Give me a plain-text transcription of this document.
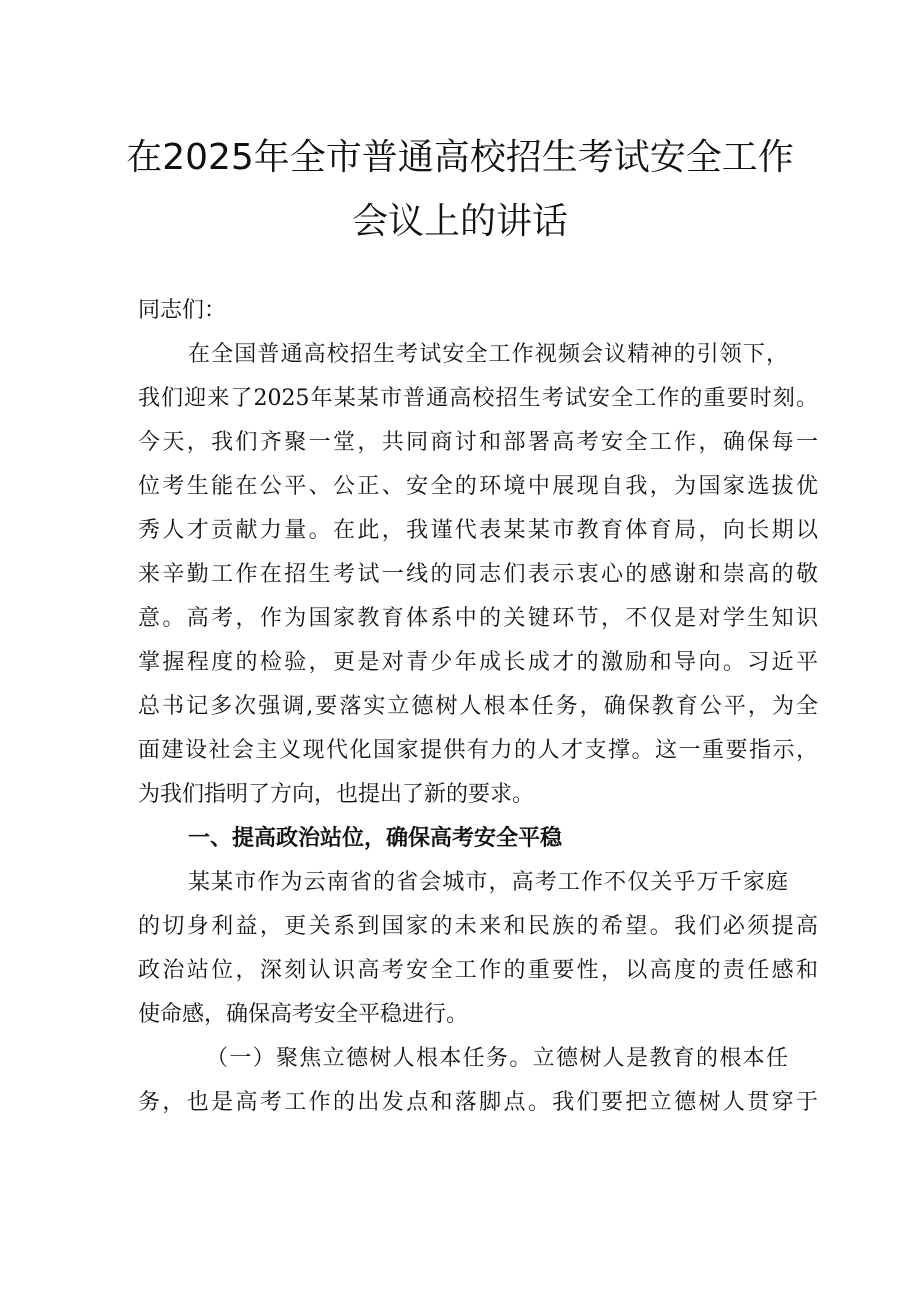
在2025年全市普通高校招生考试安全工作
会议上的讲话

同志们：

在全国普通高校招生考试安全工作视频会议精神的引领下，

我们迎来了2025年某某市普通高校招生考试安全工作的重要时刻。

今天，我们齐聚一堂，共同商讨和部署高考安全工作，确保每一

位考生能在公平、公正、安全的环境中展现自我，为国家选拔优

秀人才贡献力量。在此，我谨代表某某市教育体育局，向长期以

来辛勤工作在招生考试一线的同志们表示衷心的感谢和崇高的敬

意。高考，作为国家教育体系中的关键环节，不仅是对学生知识

掌握程度的检验，更是对青少年成长成才的激励和导向。习近平

总书记多次强调,要落实立德树人根本任务，确保教育公平，为全

面建设社会主义现代化国家提供有力的人才支撑。这一重要指示，

为我们指明了方向，也提出了新的要求。

一、提高政治站位，确保高考安全平稳

某某市作为云南省的省会城市，高考工作不仅关乎万千家庭

的切身利益，更关系到国家的未来和民族的希望。我们必须提高

政治站位，深刻认识高考安全工作的重要性，以高度的责任感和

使命感，确保高考安全平稳进行。

（一）聚焦立德树人根本任务。立德树人是教育的根本任

务，也是高考工作的出发点和落脚点。我们要把立德树人贯穿于
